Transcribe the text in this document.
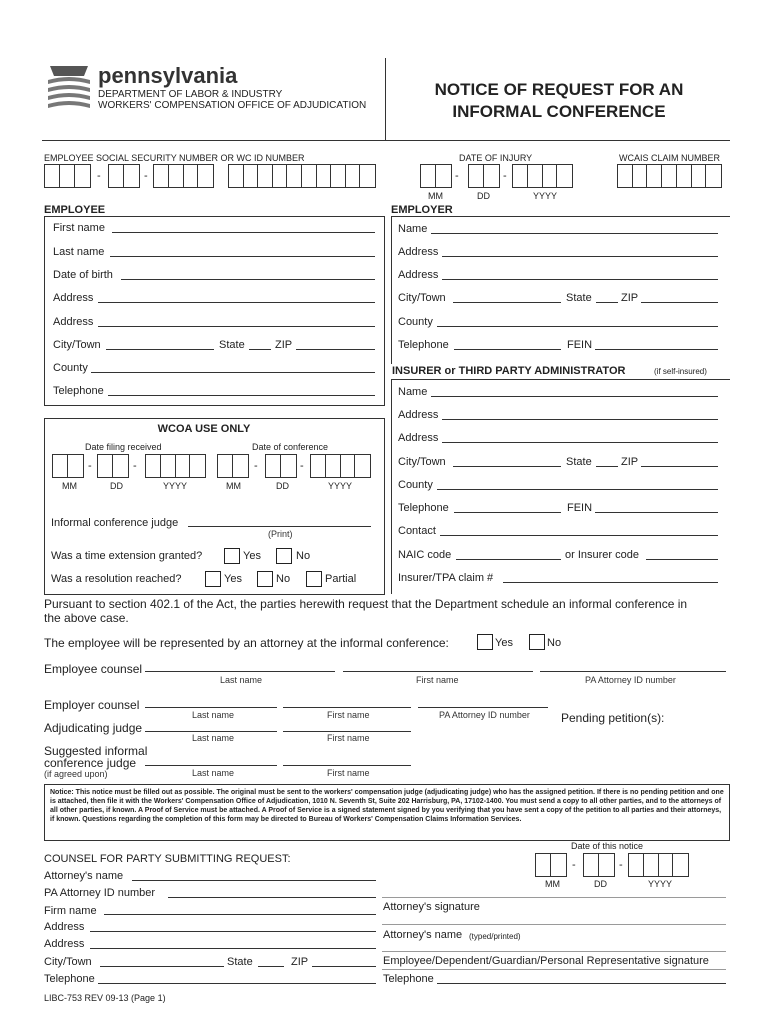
pennsylvania
DEPARTMENT OF LABOR & INDUSTRY
WORKERS' COMPENSATION OFFICE OF ADJUDICATION
NOTICE OF REQUEST FOR AN
INFORMAL CONFERENCE
EMPLOYEE SOCIAL SECURITY NUMBER OR WC ID NUMBER	DATE OF INJURY	WCAIS CLAIM NUMBER
-	-	-	-
MM	DD	YYYY
EMPLOYEE
First name
Last name
Date of birth
Address
Address
City/Town	State	ZIP
County
Telephone
WCOA USE ONLY
Date filing received	Date of conference
-	-	-	-
MM	DD	YYYY	MM	DD	YYYY
Informal conference judge
(Print)
Was a time extension granted?	Yes	No
Was a resolution reached?	Yes	No	Partial
EMPLOYER
Name
Address
Address
City/Town	State	ZIP
County
Telephone	FEIN
INSURER or THIRD PARTY ADMINISTRATOR	(if self-insured)
Name
Address
Address
City/Town	State	ZIP
County
Telephone	FEIN
Contact
NAIC code	or Insurer code
Insurer/TPA claim #
Pursuant to section 402.1 of the Act, the parties herewith request that the Department schedule an informal conference in
the above case.
The employee will be represented by an attorney at the informal conference:	Yes	No
Employee counsel
Last name	First name	PA Attorney ID number
Employer counsel
Last name	First name	PA Attorney ID number	Pending petition(s):
Adjudicating judge
Last name	First name
Suggested informal
conference judge
(if agreed upon)	Last name	First name
Notice: This notice must be filled out as possible. The original must be sent to the workers' compensation judge (adjudicating judge) who has the assigned petition. If there is no pending petition and one is attached, then file it with the Workers' Compensation Office of Adjudication, 1010 N. Seventh St, Suite 202 Harrisburg, PA, 17102-1400. You must send a copy to all other parties, and to the attorneys of all other parties, if known. A Proof of Service must be attached. A Proof of Service is a signed statement signed by you verifying that you have sent a copy of the petition to all parties and their attorneys, if known. Questions regarding the completion of this form may be directed to Bureau of Workers' Compensation Claims Information Services.
COUNSEL FOR PARTY SUBMITTING REQUEST:
Attorney's name
PA Attorney ID number
Firm name
Address
Address
City/Town	State	ZIP
Telephone
Date of this notice
-	-
MM	DD	YYYY
Attorney's signature
Attorney's name (typed/printed)
Employee/Dependent/Guardian/Personal Representative signature
Telephone
LIBC-753 REV 09-13 (Page 1)
